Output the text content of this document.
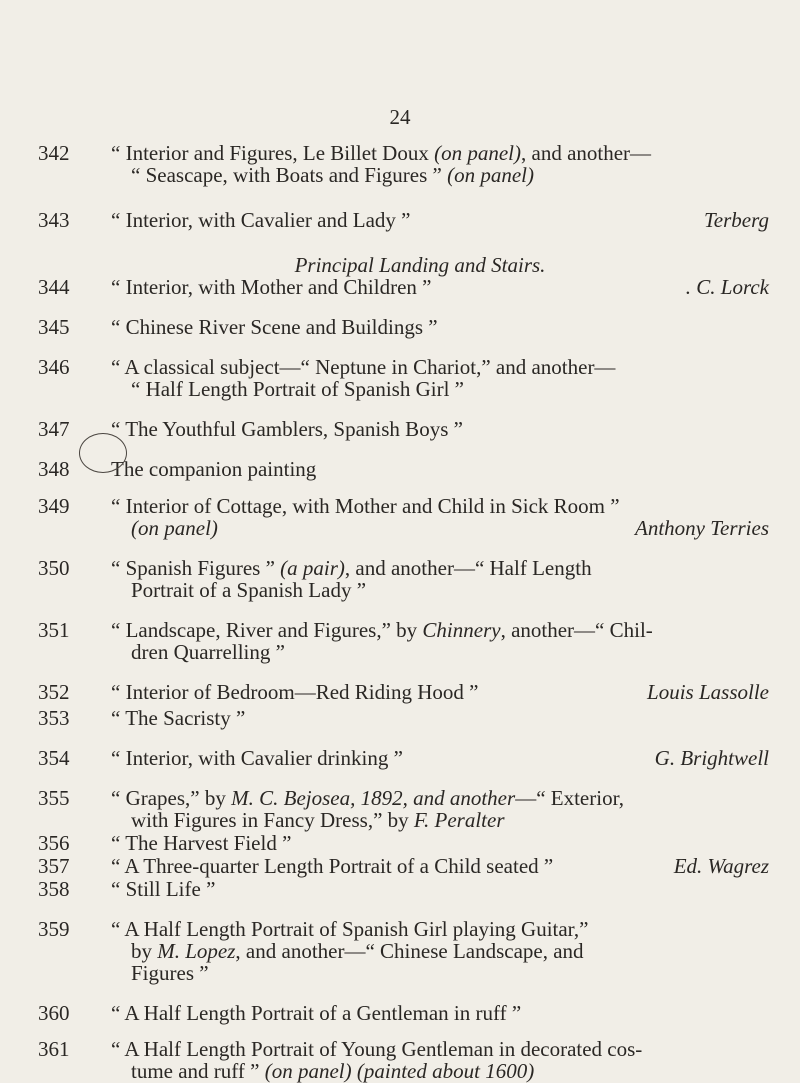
24
342 “ Interior and Figures, Le Billet Doux (on panel), and another—
“ Seascape, with Boats and Figures ” (on panel)
343 “ Interior, with Cavalier and Lady ”	Terberg
Principal Landing and Stairs.
344 “ Interior, with Mother and Children ”	. C. Lorck
345 “ Chinese River Scene and Buildings ”
346 “ A classical subject—“ Neptune in Chariot,” and another—
“ Half Length Portrait of Spanish Girl ”
347 “ The Youthful Gamblers, Spanish Boys ”
348 The companion painting
349 “ Interior of Cottage, with Mother and Child in Sick Room ”
(on panel)	Anthony Terries
350 “ Spanish Figures ” (a pair), and another—“ Half Length
Portrait of a Spanish Lady ”
351 “ Landscape, River and Figures,” by Chinnery, another—“ Chil-
dren Quarrelling ”
352 “ Interior of Bedroom—Red Riding Hood ”	Louis Lassolle
353 “ The Sacristy ”
354 “ Interior, with Cavalier drinking ”	G. Brightwell
355 “ Grapes,” by M. C. Bejosea, 1892, and another—“ Exterior,
with Figures in Fancy Dress,” by F. Peralter
356 “ The Harvest Field ”
357 “ A Three-quarter Length Portrait of a Child seated ”	Ed. Wagrez
358 “ Still Life ”
359 “ A Half Length Portrait of Spanish Girl playing Guitar,”
by M. Lopez, and another—“ Chinese Landscape, and
Figures ”
360 “ A Half Length Portrait of a Gentleman in ruff ”
361 “ A Half Length Portrait of Young Gentleman in decorated cos-
tume and ruff ” (on panel) (painted about 1600)
